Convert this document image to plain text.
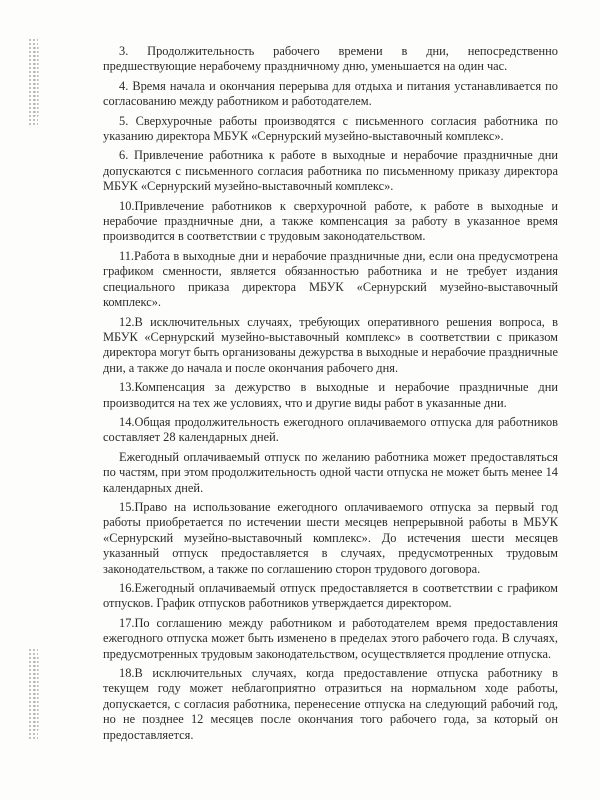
3. Продолжительность рабочего времени в дни, непосредственно предшествующие нерабочему праздничному дню, уменьшается на один час.

4. Время начала и окончания перерыва для отдыха и питания устанавливается по согласованию между работником и работодателем.

5. Сверхурочные работы производятся с письменного согласия работника по указанию директора МБУК «Сернурский музейно-выставочный комплекс».

6. Привлечение работника к работе в выходные и нерабочие праздничные дни допускаются с письменного согласия работника по письменному приказу директора МБУК «Сернурский музейно-выставочный комплекс».

10.Привлечение работников к сверхурочной работе, к работе в выходные и нерабочие праздничные дни, а также компенсация за работу в указанное время производится в соответствии с трудовым законодательством.

11.Работа в выходные дни и нерабочие праздничные дни, если она предусмотрена графиком сменности, является обязанностью работника и не требует издания специального приказа директора МБУК «Сернурский музейно-выставочный комплекс».

12.В исключительных случаях, требующих оперативного решения вопроса, в МБУК «Сернурский музейно-выставочный комплекс» в соответствии с приказом директора могут быть организованы дежурства в выходные и нерабочие праздничные дни, а также до начала и после окончания рабочего дня.

13.Компенсация за дежурство в выходные и нерабочие праздничные дни производится на тех же условиях, что и другие виды работ в указанные дни.

14.Общая продолжительность ежегодного оплачиваемого отпуска для работников составляет 28 календарных дней.

Ежегодный оплачиваемый отпуск по желанию работника может предоставляться по частям, при этом продолжительность одной части отпуска не может быть менее 14 календарных дней.

15.Право на использование ежегодного оплачиваемого отпуска за первый год работы приобретается по истечении шести месяцев непрерывной работы в МБУК «Сернурский музейно-выставочный комплекс». До истечения шести месяцев указанный отпуск предоставляется в случаях, предусмотренных трудовым законодательством, а также по соглашению сторон трудового договора.

16.Ежегодный оплачиваемый отпуск предоставляется в соответствии с графиком отпусков. График отпусков работников утверждается директором.

17.По соглашению между работником и работодателем время предоставления ежегодного отпуска может быть изменено в пределах этого рабочего года. В случаях, предусмотренных трудовым законодательством, осуществляется продление отпуска.

18.В исключительных случаях, когда предоставление отпуска работнику в текущем году может неблагоприятно отразиться на нормальном ходе работы, допускается, с согласия работника, перенесение отпуска на следующий рабочий год, но не позднее 12 месяцев после окончания того рабочего года, за который он предоставляется.
